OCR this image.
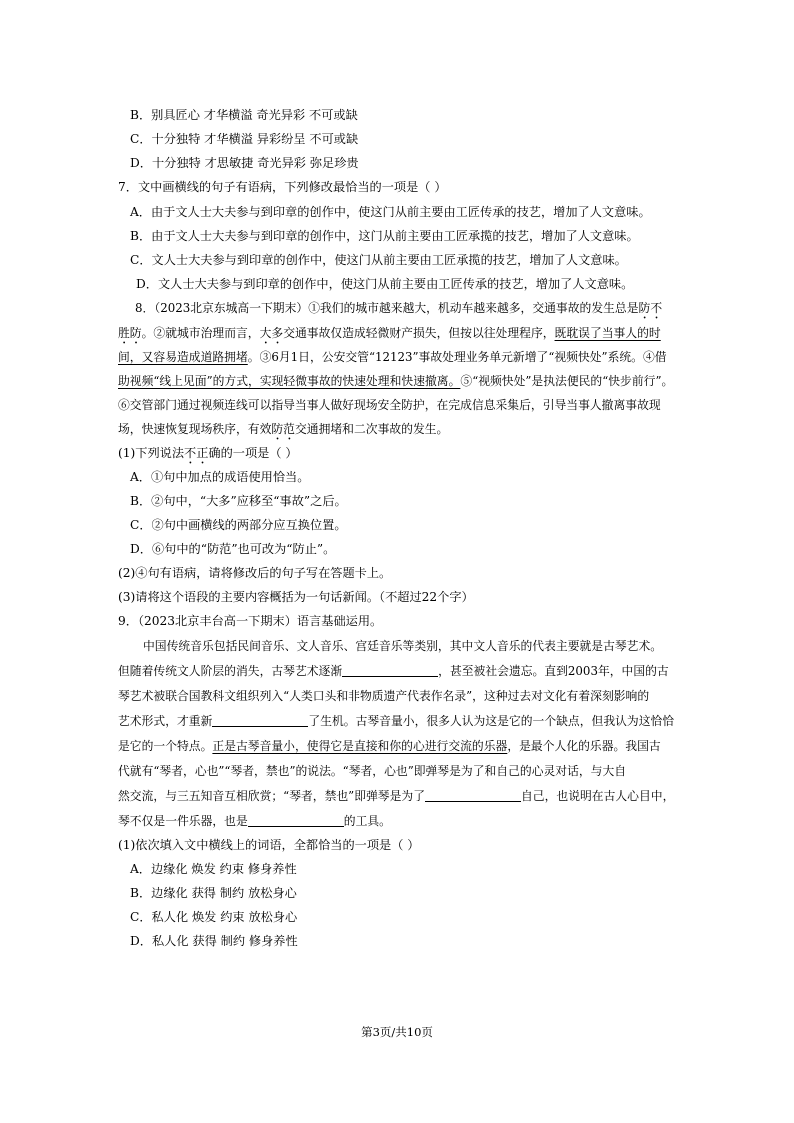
B．别具匠心 才华横溢 奇光异彩 不可或缺
C．十分独特 才华横溢 异彩纷呈 不可或缺
D．十分独特 才思敏捷 奇光异彩 弥足珍贵
7．文中画横线的句子有语病，下列修改最恰当的一项是（ ）
A．由于文人士大夫参与到印章的创作中，使这门从前主要由工匠传承的技艺，增加了人文意味。
B．由于文人士大夫参与到印章的创作中，这门从前主要由工匠承揽的技艺，增加了人文意味。
C．文人士大夫参与到印章的创作中，使这门从前主要由工匠承揽的技艺，增加了人文意味。
D．文人士大夫参与到印章的创作中，使这门从前主要由工匠传承的技艺，增加了人文意味。
8．（2023北京东城高一下期末）①我们的城市越来越大，机动车越来越多，交通事故的发生总是防不
胜防。②就城市治理而言，大多交通事故仅造成轻微财产损失，但按以往处理程序，既耽误了当事人的时
间，又容易造成道路拥堵。③6月1日，公安交管“12123”事故处理业务单元新增了“视频快处”系统。④借
助视频“线上见面”的方式，实现轻微事故的快速处理和快速撤离。⑤“视频快处”是执法便民的“快步前行”。
⑥交管部门通过视频连线可以指导当事人做好现场安全防护，在完成信息采集后，引导当事人撤离事故现
场，快速恢复现场秩序，有效防范交通拥堵和二次事故的发生。
(1)下列说法不正确的一项是（ ）
A．①句中加点的成语使用恰当。
B．②句中，“大多”应移至“事故”之后。
C．②句中画横线的两部分应互换位置。
D．⑥句中的“防范”也可改为“防止”。
(2)④句有语病，请将修改后的句子写在答题卡上。
(3)请将这个语段的主要内容概括为一句话新闻。（不超过22个字）
9．（2023北京丰台高一下期末）语言基础运用。
中国传统音乐包括民间音乐、文人音乐、宫廷音乐等类别，其中文人音乐的代表主要就是古琴艺术。
但随着传统文人阶层的消失，古琴艺术逐渐	，甚至被社会遗忘。直到2003年，中国的古
琴艺术被联合国教科文组织列入“人类口头和非物质遗产代表作名录”，这种过去对文化有着深刻影响的
艺术形式，才重新	了生机。古琴音量小，很多人认为这是它的一个缺点，但我认为这恰恰
是它的一个特点。正是古琴音量小，使得它是直接和你的心进行交流的乐器，是最个人化的乐器。我国古
代就有“琴者，心也”“琴者，禁也”的说法。“琴者，心也”即弹琴是为了和自己的心灵对话，与大自
然交流，与三五知音互相欣赏；“琴者，禁也”即弹琴是为了	自己，也说明在古人心目中，
琴不仅是一件乐器，也是	的工具。
(1)依次填入文中横线上的词语，全都恰当的一项是（ ）
A．边缘化 焕发 约束 修身养性
B．边缘化 获得 制约 放松身心
C．私人化 焕发 约束 放松身心
D．私人化 获得 制约 修身养性
第3页/共10页
